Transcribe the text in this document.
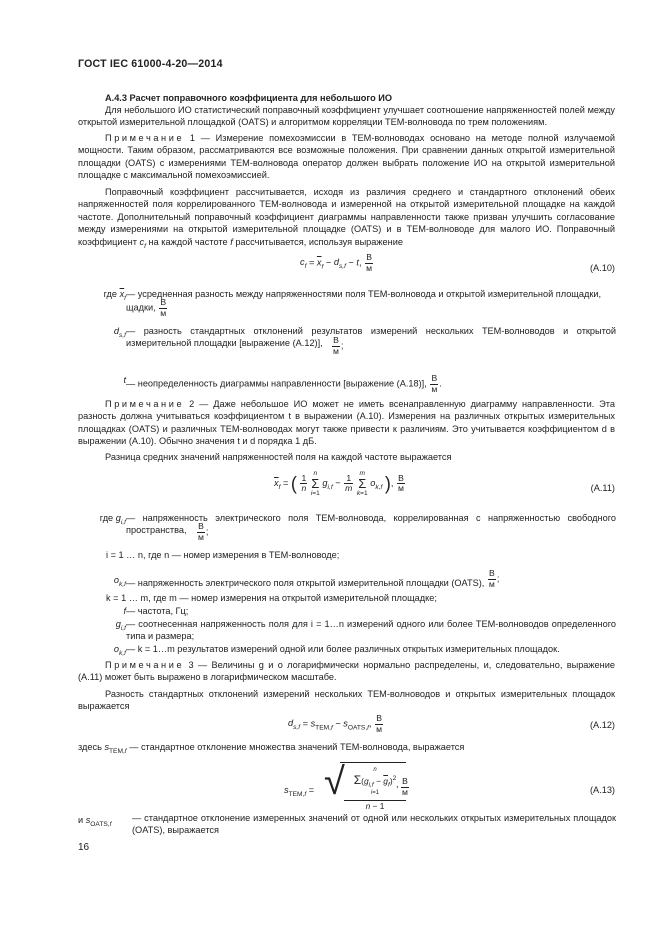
ГОСТ IEC 61000-4-20—2014
А.4.3 Расчет поправочного коэффициента для небольшого ИО
Для небольшого ИО статистический поправочный коэффициент улучшает соотношение напряженностей полей между открытой измерительной площадкой (OATS) и алгоритмом корреляции ТЕМ-волновода по трем положениям.
Примечание 1 — Измерение помехоэмиссии в ТЕМ-волноводах основано на методе полной излучаемой мощности. Таким образом, рассматриваются все возможные положения. При сравнении данных открытой измерительной площадки (OATS) с измерениями ТЕМ-волновода оператор должен выбрать положение ИО на открытой измерительной площадке с максимальной помехоэмиссией.
Поправочный коэффициент рассчитывается, исходя из различия среднего и стандартного отклонений обеих напряженностей поля коррелированного ТЕМ-волновода и измеренной на открытой измерительной площадке на каждой частоте. Дополнительный поправочный коэффициент диаграммы направленности также призван улучшить согласование между измерениями на открытой измерительной площадке (OATS) и в ТЕМ-волноводе для малого ИО. Поправочный коэффициент $c_f$ на каждой частоте f рассчитывается, используя выражение
$c_f = \overline{x}_f - d_{s,f} - t$, $\frac{В}{м}$	(А.10)
где $\overline{x}_f$ — усредненная разность между напряженностями поля ТЕМ-волновода и открытой измерительной площадки,
щадки, $\frac{В}{м}$
$d_{s,f}$ — разность стандартных отклонений результатов измерений нескольких ТЕМ-волноводов и открытой измерительной площадки [выражение (А.12)],	$\frac{В}{м}$ ;
t — неопределенность диаграммы направленности [выражение (А.18)], $\frac{В}{м}$ .
Примечание 2 — Даже небольшое ИО может не иметь всенаправленную диаграмму направленности. Эта разность должна учитываться коэффициентом t в выражении (А.10). Измерения на различных открытых измерительных площадках (OATS) и различных ТЕМ-волноводах могут также привести к различиям. Это учитывается коэффициентом d в выражении (А.10). Обычно значения t и d порядка 1 дБ.
Разница средних значений напряженностей поля на каждой частоте выражается
$\overline{x}_f$ = ( $\frac{1}{n}$ n
Σ
i=1 $g_{i,f} - \frac{1}{m}$ m
Σ
k=1 $o_{k,f}$ ), $\frac{В}{м}$	(А.11)
где $g_{i,f}$ — напряженность электрического поля ТЕМ-волновода, коррелированная с напряженностью свободного пространства,	$\frac{В}{м}$ ;
i = 1 … n, где n — номер измерения в ТЕМ-волноводе;
$o_{k,f}$ — напряженность электрического поля открытой измерительной площадки (OATS), $\frac{В}{м}$ ;
k = 1 … m, где m — номер измерения на открытой измерительной площадке;
f — частота, Гц;
$g_{i,f}$ — соотнесенная напряженность поля для i = 1…n измерений одного или более ТЕМ-волноводов определенного типа и размера;
$o_{k,f}$ — k = 1…m результатов измерений одной или более различных открытых измерительных площадок.
Примечание 3 — Величины g и o логарифмически нормально распределены, и, следовательно, выражение (А.11) может быть выражено в логарифмическом масштабе.
Разность стандартных отклонений измерений нескольких ТЕМ-волноводов и открытых измерительных площадок выражается
$d_{s,f} = s_{TEM,f} - s_{OATS,f}$, $\frac{В}{м}$	(А.12)
здесь $s_{TEM,f}$ — стандартное отклонение множества значений ТЕМ-волновода, выражается
$s_{TEM,f}$ = √	n
$\Sigma(g_{i,f} - \overline{g}_f)^2$
i=1
n − 1
, $\frac{В}{м}$	(А.13)
и $s_{OATS,f}$
— стандартное отклонение измеренных значений от одной или нескольких открытых измерительных площадок (OATS), выражается
16
